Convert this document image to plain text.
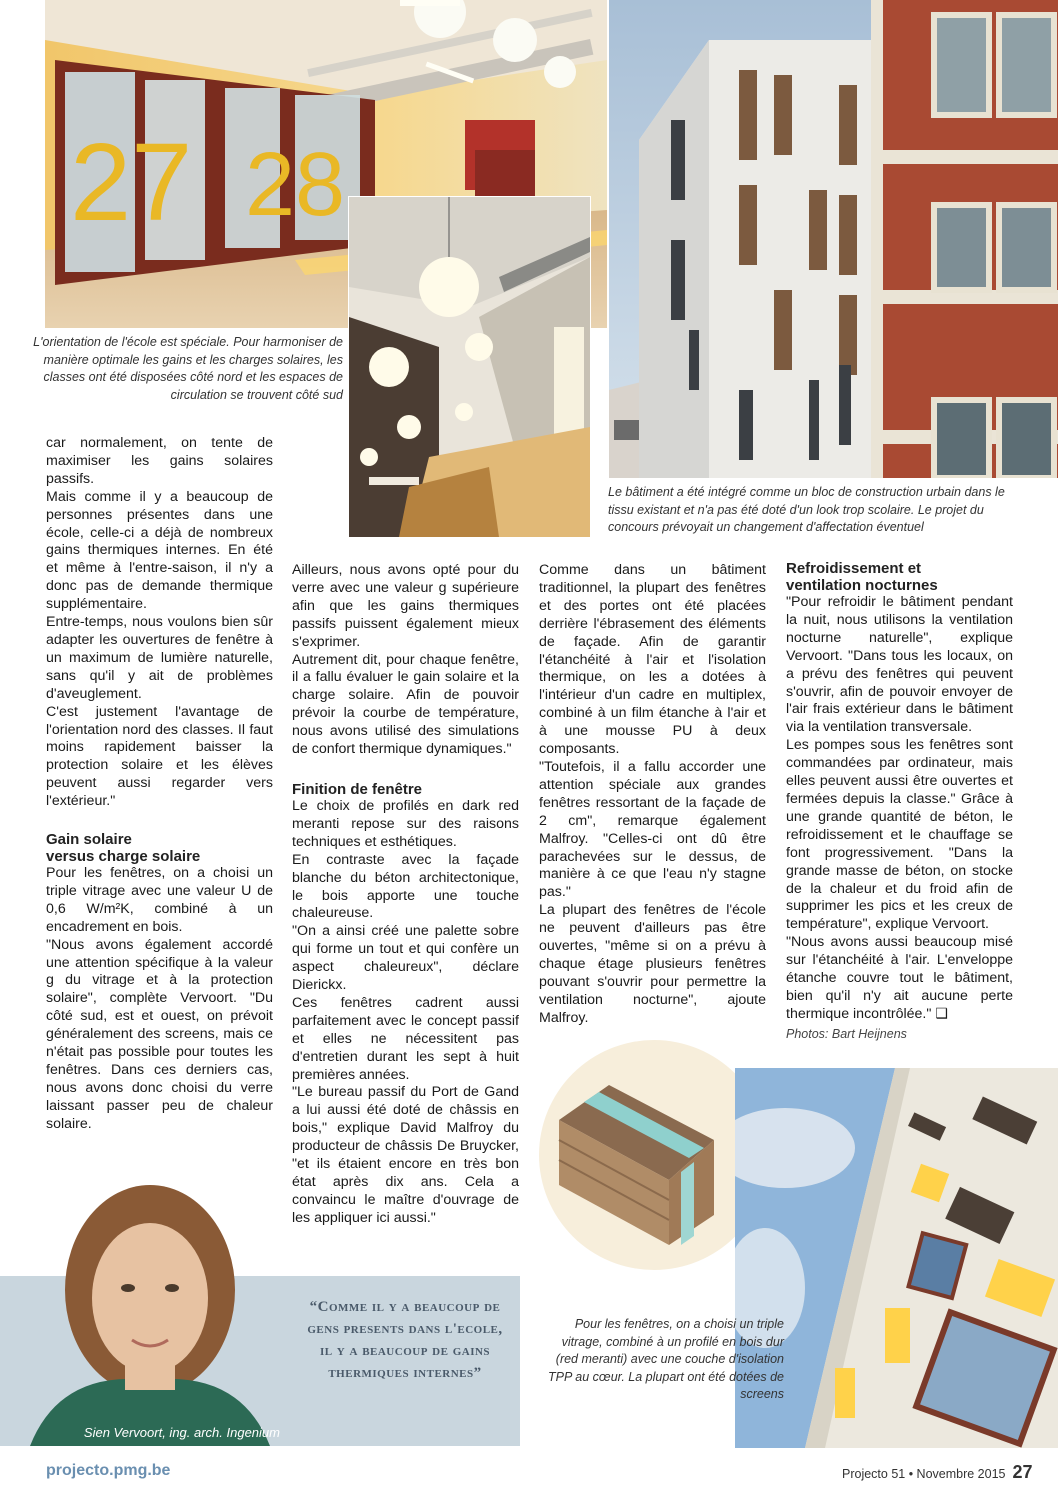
27 28
L'orientation de l'école est spéciale. Pour harmoniser de manière optimale les gains et les charges solaires, les classes ont été disposées côté nord et les espaces de circulation se trouvent côté sud
Le bâtiment a été intégré comme un bloc de construction urbain dans le tissu existant et n'a pas été doté d'un look trop scolaire. Le projet du concours prévoyait un changement d'affectation éventuel

car normalement, on tente de maximiser les gains solaires passifs.

Mais comme il y a beaucoup de personnes présentes dans une école, celle-ci a déjà de nombreux gains thermiques internes. En été et même à l'entre-saison, il n'y a donc pas de demande thermique supplémentaire.

Entre-temps, nous voulons bien sûr adapter les ouvertures de fenêtre à un maximum de lumière naturelle, sans qu'il y ait de problèmes d'aveuglement.

C'est justement l'avantage de l'orientation nord des classes. Il faut moins rapidement baisser la protection solaire et les élèves peuvent aussi regarder vers l'extérieur."

Gain solaire
versus charge solaire

Pour les fenêtres, on a choisi un triple vitrage avec une valeur U de 0,6 W/m²K, combiné à un encadrement en bois.

"Nous avons également accordé une attention spécifique à la valeur g du vitrage et à la protection solaire", complète Vervoort. "Du côté sud, est et ouest, on prévoit généralement des screens, mais ce n'était pas possible pour toutes les fenêtres. Dans ces derniers cas, nous avons donc choisi du verre laissant passer peu de chaleur solaire.

Ailleurs, nous avons opté pour du verre avec une valeur g supérieure afin que les gains thermiques passifs puissent également mieux s'exprimer.

Autrement dit, pour chaque fenêtre, il a fallu évaluer le gain solaire et la charge solaire. Afin de pouvoir prévoir la courbe de température, nous avons utilisé des simulations de confort thermique dynamiques."

Finition de fenêtre

Le choix de profilés en dark red meranti repose sur des raisons techniques et esthétiques.

En contraste avec la façade blanche du béton architectonique, le bois apporte une touche chaleureuse.

"On a ainsi créé une palette sobre qui forme un tout et qui confère un aspect chaleureux", déclare Dierickx.

Ces fenêtres cadrent aussi parfaitement avec le concept passif et elles ne nécessitent pas d'entretien durant les sept à huit premières années.

"Le bureau passif du Port de Gand a lui aussi été doté de châssis en bois," explique David Malfroy du producteur de châssis De Bruycker, "et ils étaient encore en très bon état après dix ans. Cela a convaincu le maître d'ouvrage de les appliquer ici aussi."

Comme dans un bâtiment traditionnel, la plupart des fenêtres et des portes ont été placées derrière l'ébrasement des éléments de façade. Afin de garantir l'étanchéité à l'air et l'isolation thermique, on les a dotées à l'intérieur d'un cadre en multiplex, combiné à un film étanche à l'air et à une mousse PU à deux composants.

"Toutefois, il a fallu accorder une attention spéciale aux grandes fenêtres ressortant de la façade de 2 cm", remarque également Malfroy. "Celles-ci ont dû être parachevées sur le dessus, de manière à ce que l'eau n'y stagne pas."

La plupart des fenêtres de l'école ne peuvent d'ailleurs pas être ouvertes, "même si on a prévu à chaque étage plusieurs fenêtres pouvant s'ouvrir pour permettre la ventilation nocturne", ajoute Malfroy.

Refroidissement et
ventilation nocturnes

"Pour refroidir le bâtiment pendant la nuit, nous utilisons la ventilation nocturne naturelle", explique Vervoort. "Dans tous les locaux, on a prévu des fenêtres qui peuvent s'ouvrir, afin de pouvoir envoyer de l'air frais extérieur dans le bâtiment via la ventilation transversale.

Les pompes sous les fenêtres sont commandées par ordinateur, mais elles peuvent aussi être ouvertes et fermées depuis la classe." Grâce à une grande quantité de béton, le refroidissement et le chauffage se font progressivement. "Dans la grande masse de béton, on stocke de la chaleur et du froid afin de supprimer les pics et les creux de température", explique Vervoort.

"Nous avons aussi beaucoup misé sur l'étanchéité à l'air. L'enveloppe étanche couvre tout le bâtiment, bien qu'il n'y ait aucune perte thermique incontrôlée." ❑

Photos: Bart Heijnens
Pour les fenêtres, on a choisi un triple vitrage, combiné à un profilé en bois dur (red meranti) avec une couche d'isolation TPP au cœur. La plupart ont été dotées de screens
Sien Vervoort, ing. arch. Ingenium
“Comme il y a beaucoup de gens presents dans l'ecole, il y a beaucoup de gains thermiques internes”
projecto.pmg.be	Projecto 51 • Novembre 2015 27
